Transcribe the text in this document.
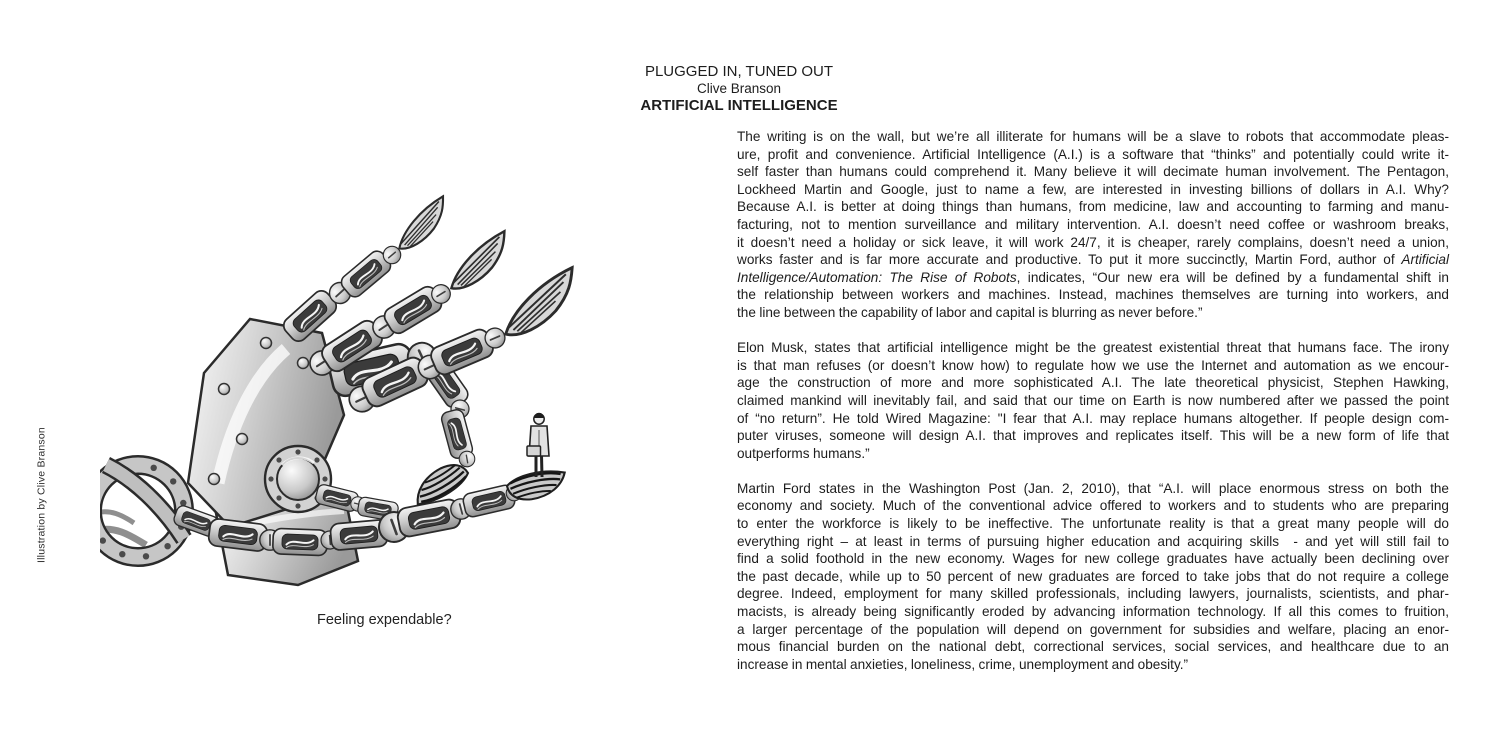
PLUGGED IN, TUNED OUT
Clive Branson
ARTIFICIAL INTELLIGENCE
Illustration by Clive Branson
Feeling expendable?
The writing is on the wall, but we’re all illiterate for humans will be a slave to robots that accommodate pleas-
ure, profit and convenience. Artificial Intelligence (A.I.) is a software that “thinks” and potentially could write it-
self faster than humans could comprehend it. Many believe it will decimate human involvement. The Pentagon,
Lockheed Martin and Google, just to name a few, are interested in investing billions of dollars in A.I. Why?
Because A.I. is better at doing things than humans, from medicine, law and accounting to farming and manu-
facturing, not to mention surveillance and military intervention. A.I. doesn’t need coffee or washroom breaks,
it doesn’t need a holiday or sick leave, it will work 24/7, it is cheaper, rarely complains, doesn’t need a union,
works faster and is far more accurate and productive. To put it more succinctly, Martin Ford, author of Artificial
Intelligence/Automation: The Rise of Robots, indicates, “Our new era will be defined by a fundamental shift in
the relationship between workers and machines. Instead, machines themselves are turning into workers, and
the line between the capability of labor and capital is blurring as never before.”
Elon Musk, states that artificial intelligence might be the greatest existential threat that humans face. The irony
is that man refuses (or doesn’t know how) to regulate how we use the Internet and automation as we encour-
age the construction of more and more sophisticated A.I. The late theoretical physicist, Stephen Hawking,
claimed mankind will inevitably fail, and said that our time on Earth is now numbered after we passed the point
of “no return”. He told Wired Magazine: "I fear that A.I. may replace humans altogether. If people design com-
puter viruses, someone will design A.I. that improves and replicates itself. This will be a new form of life that
outperforms humans.”
Martin Ford states in the Washington Post (Jan. 2, 2010), that “A.I. will place enormous stress on both the
economy and society. Much of the conventional advice offered to workers and to students who are preparing
to enter the workforce is likely to be ineffective. The unfortunate reality is that a great many people will do
everything right – at least in terms of pursuing higher education and acquiring skills  - and yet will still fail to
find a solid foothold in the new economy. Wages for new college graduates have actually been declining over
the past decade, while up to 50 percent of new graduates are forced to take jobs that do not require a college
degree. Indeed, employment for many skilled professionals, including lawyers, journalists, scientists, and phar-
macists, is already being significantly eroded by advancing information technology. If all this comes to fruition,
a larger percentage of the population will depend on government for subsidies and welfare, placing an enor-
mous financial burden on the national debt, correctional services, social services, and healthcare due to an
increase in mental anxieties, loneliness, crime, unemployment and obesity.”
